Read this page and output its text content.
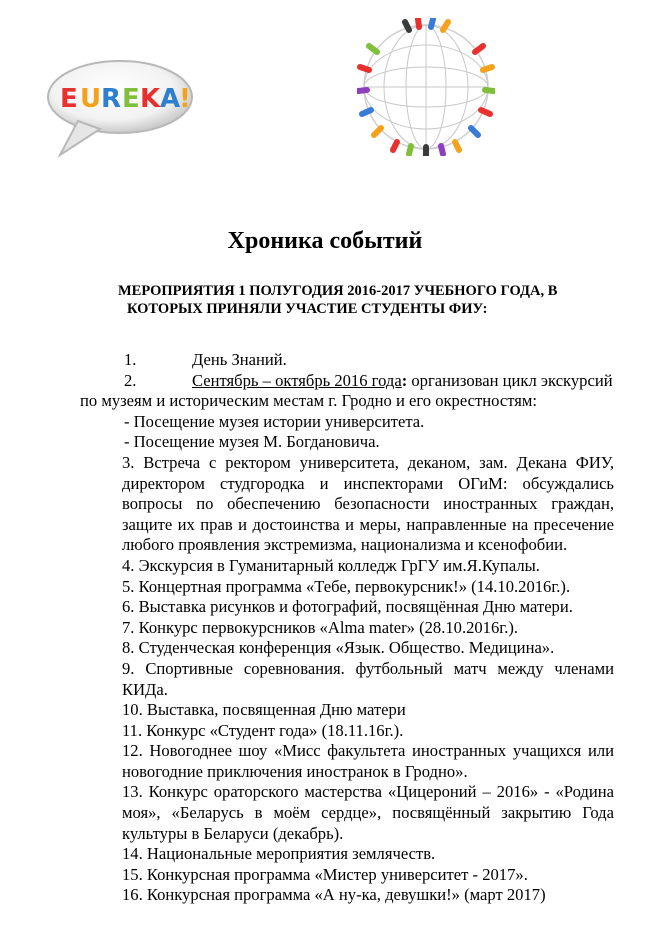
E U R E K A
!
Хроника событий
МЕРОПРИЯТИЯ 1 ПОЛУГОДИЯ 2016-2017 УЧЕБНОГО ГОДА, В
КОТОРЫХ ПРИНЯЛИ УЧАСТИЕ СТУДЕНТЫ ФИУ:
1.	День Знаний.
2.	Сентябрь – октябрь 2016 года: организован цикл экскурсий
по музеям и историческим местам г. Гродно и его окрестностям:
- Посещение музея истории университета.
- Посещение музея М. Богдановича.
3. Встреча с ректором университета, деканом, зам. Декана ФИУ, директором студгородка и инспекторами ОГиМ: обсуждались вопросы по обеспечению безопасности иностранных граждан, защите их прав и достоинства и меры, направленные на пресечение любого проявления экстремизма, национализма и ксенофобии.
4. Экскурсия в Гуманитарный колледж ГрГУ им.Я.Купалы.
5. Концертная программа «Тебе, первокурсник!» (14.10.2016г.).
6. Выставка рисунков и фотографий, посвящённая Дню матери.
7. Конкурс первокурсников «Alma mater» (28.10.2016г.).
8. Студенческая конференция «Язык. Общество. Медицина».
9. Спортивные соревнования. футбольный матч между членами КИДа.
10. Выставка, посвященная Дню матери
11. Конкурс «Студент года» (18.11.16г.).
12. Новогоднее шоу «Мисс факультета иностранных учащихся или новогодние приключения иностранок в Гродно».
13. Конкурс ораторского мастерства «Цицероний – 2016» - «Родина моя», «Беларусь в моём сердце», посвящённый закрытию Года культуры в Беларуси (декабрь).
14. Национальные мероприятия землячеств.
15. Конкурсная программа «Мистер университет - 2017».
16. Конкурсная программа «А ну-ка, девушки!» (март 2017)
